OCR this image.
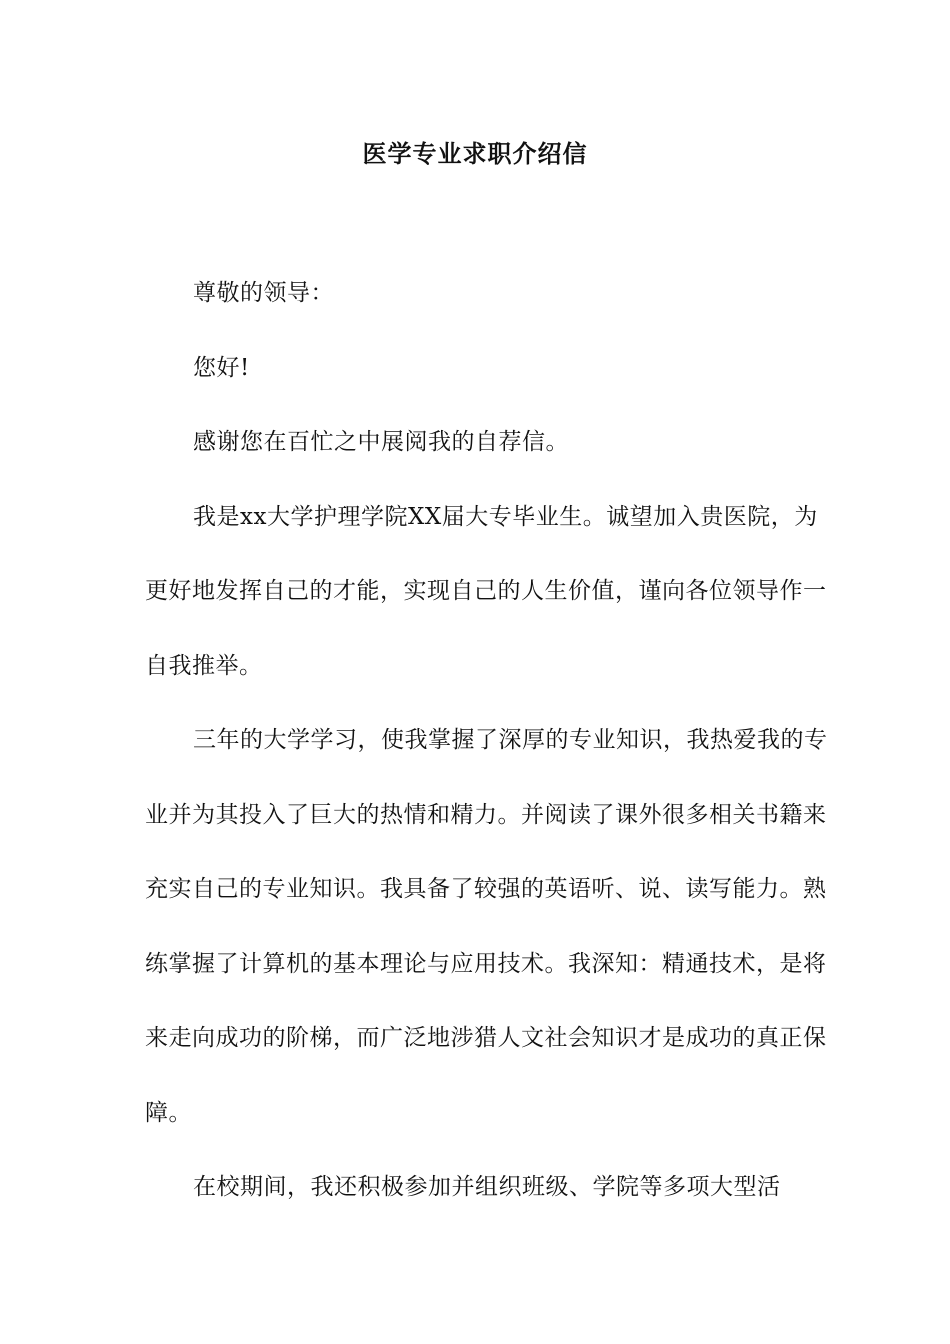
医学专业求职介绍信

尊敬的领导：

您好!

感谢您在百忙之中展阅我的自荐信。

我是xx大学护理学院XX届大专毕业生。诚望加入贵医院，为更好地发挥自己的才能，实现自己的人生价值，谨向各位领导作一自我推举。

三年的大学学习，使我掌握了深厚的专业知识，我热爱我的专业并为其投入了巨大的热情和精力。并阅读了课外很多相关书籍来充实自己的专业知识。我具备了较强的英语听、说、读写能力。熟练掌握了计算机的基本理论与应用技术。我深知：精通技术，是将来走向成功的阶梯，而广泛地涉猎人文社会知识才是成功的真正保障。

在校期间，我还积极参加并组织班级、学院等多项大型活
